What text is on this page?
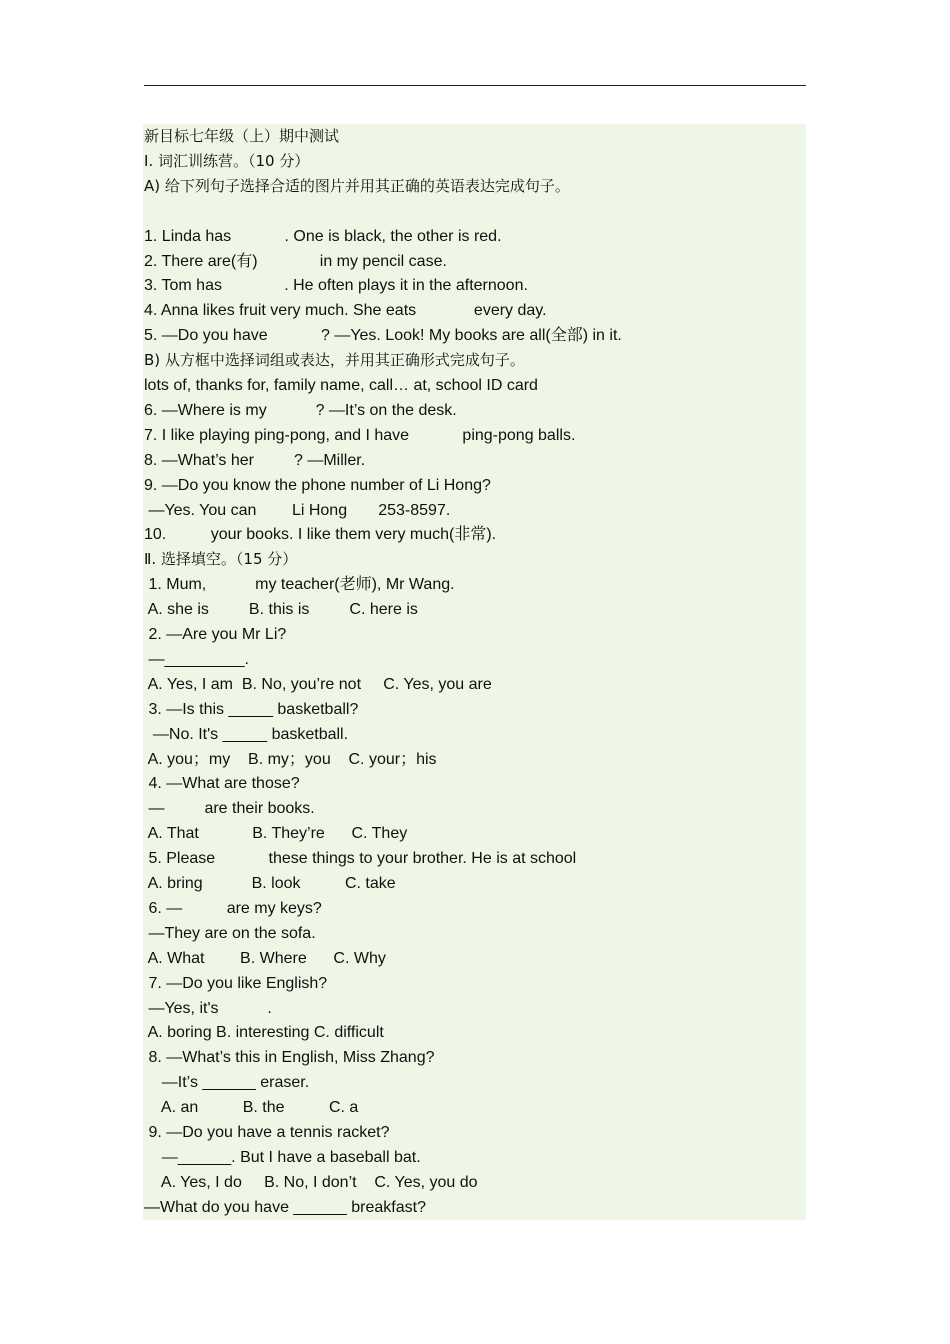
新目标七年级（上）期中测试

I. 词汇训练营。（10 分）

A) 给下列句子选择合适的图片并用其正确的英语表达完成句子。

1. Linda has            . One is black, the other is red.

2. There are(有)              in my pencil case.

3. Tom has              . He often plays it in the afternoon.

4. Anna likes fruit very much. She eats             every day.

5. —Do you have            ? —Yes. Look! My books are all(全部) in it.

B) 从方框中选择词组或表达，并用其正确形式完成句子。

lots of, thanks for, family name, call… at, school ID card

6. —Where is my           ? —It’s on the desk.

7. I like playing ping-pong, and I have            ping-pong balls.

8. —What’s her         ? —Miller.

9. —Do you know the phone number of Li Hong?

—Yes. You can        Li Hong       253-8597.

10.          your books. I like them very much(非常).

Ⅱ. 选择填空。（15 分）

1. Mum,           my teacher(老师), Mr Wang.

A. she is         B. this is         C. here is

2. —Are you Mr Li?

—_________.

A. Yes, I am  B. No, you’re not     C. Yes, you are

3. —Is this _____ basketball?

—No. It's _____ basketball.

A. you；my    B. my；you    C. your；his

4. —What are those?

—         are their books.

A. That            B. They’re      C. They

5. Please            these things to your brother. He is at school

A. bring           B. look          C. take

6. —          are my keys?

—They are on the sofa.

A. What        B. Where      C. Why

7. —Do you like English?

—Yes, it's           .

A. boring B. interesting C. difficult

8. —What’s this in English, Miss Zhang?

—It’s ______ eraser.

A. an          B. the          C. a

9. —Do you have a tennis racket?

—______. But I have a baseball bat.

A. Yes, I do     B. No, I don’t    C. Yes, you do

—What do you have ______ breakfast?
